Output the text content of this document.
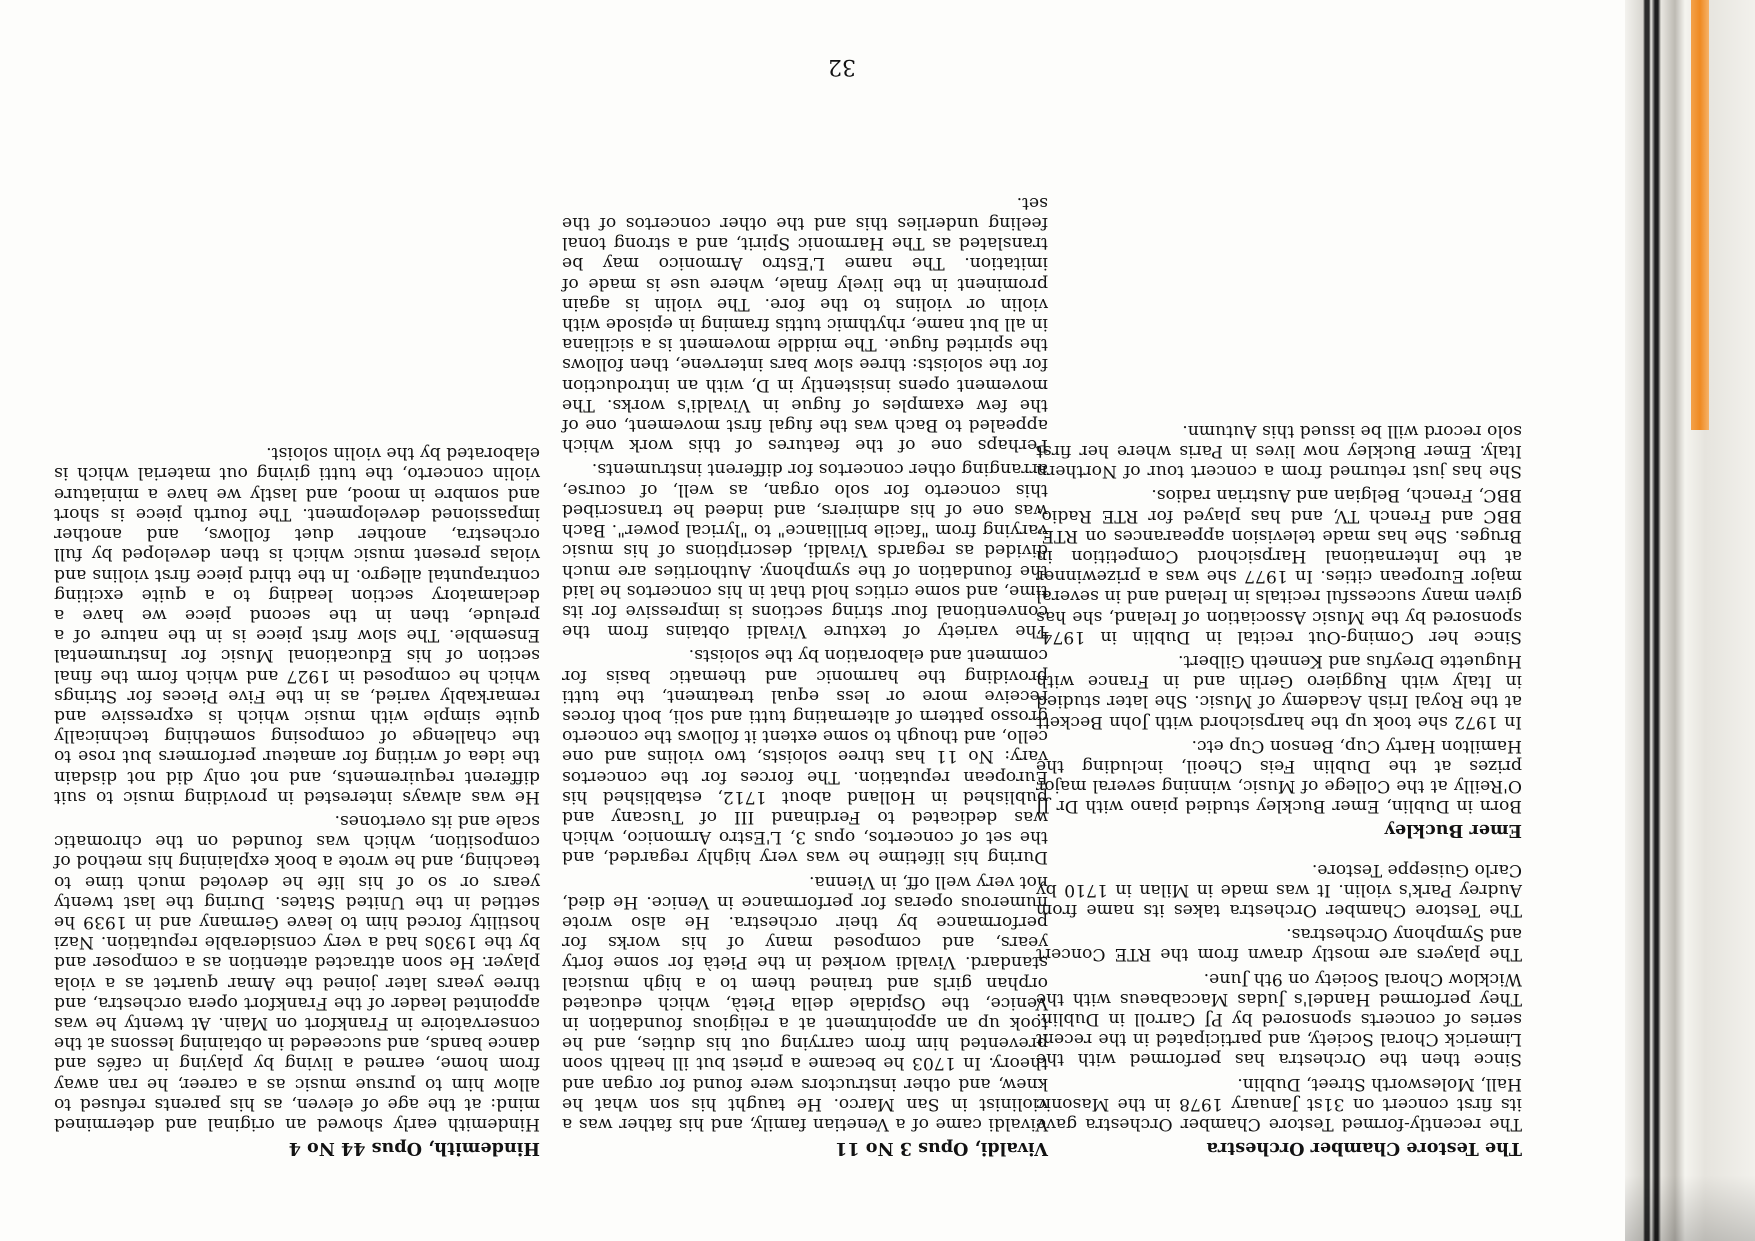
32
The Testore Chamber Orchestra

The recently-formed Testore Chamber Orchestra gave its first concert on 31st January 1978 in the Masonic Hall, Molesworth Street, Dublin.

Since then the Orchestra has performed with the Limerick Choral Society, and participated in the recent series of concerts sponsored by PJ Carroll in Dublin. They performed Handel's Judas Maccabaeus with the Wicklow Choral Society on 9th June.

The players are mostly drawn from the RTE Concert and Symphony Orchestras.

The Testore Chamber Orchestra takes its name from Audrey Park's violin. It was made in Milan in 1710 by Carlo Guiseppe Testore.

Emer Buckley

Born in Dublin, Emer Buckley studied piano with Dr JJ O'Reilly at the College of Music, winning several major prizes at the Dublin Feis Cheoil, including the Hamilton Harty Cup, Benson Cup etc.

In 1972 she took up the harpsichord with John Beckett at the Royal Irish Academy of Music. She later studied in Italy with Ruggiero Gerlin and in France with Huguette Dreyfus and Kenneth Gilbert.

Since her Coming-Out recital in Dublin in 1974, sponsored by the Music Association of Ireland, she has given many successful recitals in Ireland and in several major European cities. In 1977 she was a prizewinner at the International Harpsichord Competition in Bruges. She has made television appearances on RTE, BBC and French TV, and has played for RTE Radio, BBC, French, Belgian and Austrian radios.

She has just returned from a concert tour of Northern Italy. Emer Buckley now lives in Paris where her first solo record will be issued this Autumn.

Vivaldi, Opus 3 No 11

Vivaldi came of a Venetian family, and his father was a violinist in San Marco. He taught his son what he knew, and other instructors were found for organ and theory. In 1703 he became a priest but ill health soon prevented him from carrying out his duties, and he took up an appointment at a religious foundation in Venice, the Ospidale della Pietà, which educated orphan girls and trained them to a high musical standard. Vivaldi worked in the Pietà for some forty years, and composed many of his works for performance by their orchestra. He also wrote numerous operas for performance in Venice. He died, not very well off, in Vienna.

During his lifetime he was very highly regarded, and the set of concertos, opus 3, L'Estro Armonico, which was dedicated to Ferdinand III of Tuscany and published in Holland about 1712, established his European reputation. The forces for the concertos vary: No 11 has three soloists, two violins and one cello, and though to some extent it follows the concerto grosso pattern of alternating tutti and soli, both forces receive more or less equal treatment, the tutti providing the harmonic and thematic basis for comment and elaboration by the soloists.

The variety of texture Vivaldi obtains from the conventional four string sections is impressive for its time, and some critics hold that in his concertos he laid the foundation of the symphony. Authorities are much divided as regards Vivaldi, descriptions of his music varying from "facile brilliance" to "lyrical power". Bach was one of his admirers, and indeed he transcribed this concerto for solo organ, as well, of course, arranging other concertos for different instruments.

Perhaps one of the features of this work which appealed to Bach was the fugal first movement, one of the few examples of fugue in Vivaldi's works. The movement opens insistently in D, with an introduction for the soloists: three slow bars intervene, then follows the spirited fugue. The middle movement is a siciliana in all but name, rhythmic tuttis framing in episode with violin or violins to the fore. The violin is again prominent in the lively finale, where use is made of imitation. The name L'Estro Armonico may be translated as The Harmonic Spirit, and a strong tonal feeling underlies this and the other concertos of the set.

Hindemith, Opus 44 No 4

Hindemith early showed an original and determined mind: at the age of eleven, as his parents refused to allow him to pursue music as a career, he ran away from home, earned a living by playing in cafés and dance bands, and succeeded in obtaining lessons at the conservatoire in Frankfort on Main. At twenty he was appointed leader of the Frankfort opera orchestra, and three years later joined the Amar quartet as a viola player. He soon attracted attention as a composer and by the 1930s had a very considerable reputation. Nazi hostility forced him to leave Germany and in 1939 he settled in the United States. During the last twenty years or so of his life he devoted much time to teaching, and he wrote a book explaining his method of composition, which was founded on the chromatic scale and its overtones.

He was always interested in providing music to suit different requirements, and not only did not disdain the idea of writing for amateur performers but rose to the challenge of composing something technically quite simple with music which is expressive and remarkably varied, as in the Five Pieces for Strings which he composed in 1927 and which form the final section of his Educational Music for Instrumental Ensemble. The slow first piece is in the nature of a prelude, then in the second piece we have a declamatory section leading to a quite exciting contrapuntal allegro. In the third piece first violins and violas present music which is then developed by full orchestra, another duet follows, and another impassioned development. The fourth piece is short and sombre in mood, and lastly we have a miniature violin concerto, the tutti giving out material which is elaborated by the violin soloist.
